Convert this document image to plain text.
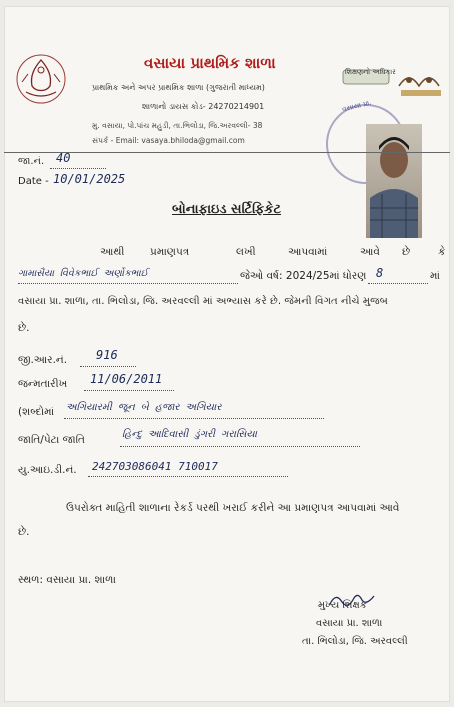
વસાયા પ્રાથમિક શાળા
પ્રાથમિક અને અપર પ્રાથમિક શાળા (ગુજરાતી માધ્યમ)
શાળાનો ડાયસ કોડ- 24270214901
મુ. વસાયા, પો.પાંચ મહુડી, તા.ભિલોડા, જિ.અરવલ્લી- 38
સંપર્ક - Email: vasaya.bhiloda@gmail.com
શિક્ષણનો અધિકાર
વસાયા પ્રા.
જા.નં. 40
Date - 10/01/2025
બોનાફાઇડ સર્ટિફિકેટ
આથી પ્રમાણપત્ર	લખી	આપવામાં	આવે છે	કે
ગામાસૈયા વિવેકભાઈ અર્ણોકભાઈ	જેઓ વર્ષ: 2024/25માં ધોરણ 8	માં
વસાયા પ્રા. શાળા, તા. ભિલોડા, જિ. અરવલ્લી માં અભ્યાસ કરે છે. જેમની વિગત નીચે મુજબ
છે.
જી.આર.નં. 916
જન્મતારીખ 11/06/2011
(શબ્દોમાં અગિયારમી જૂન બે હજાર અગિયાર
જાતિ/પેટા જાતિ	હિન્દુ આદિવાસી ડુંગરી ગરાસિયા
યુ.આઇ.ડી.નં. 242703086041 710017
ઉપરોક્ત માહિતી શાળાના રેકર્ડ પરથી ખરાઈ કરીને આ પ્રમાણપત્ર આપવામાં આવે
છે.
સ્થળ: વસાયા પ્રા. શાળા
મુખ્ય શિક્ષક
વસાયા પ્રા. શાળા
તા. ભિલોડા, જિ. અરવલ્લી
